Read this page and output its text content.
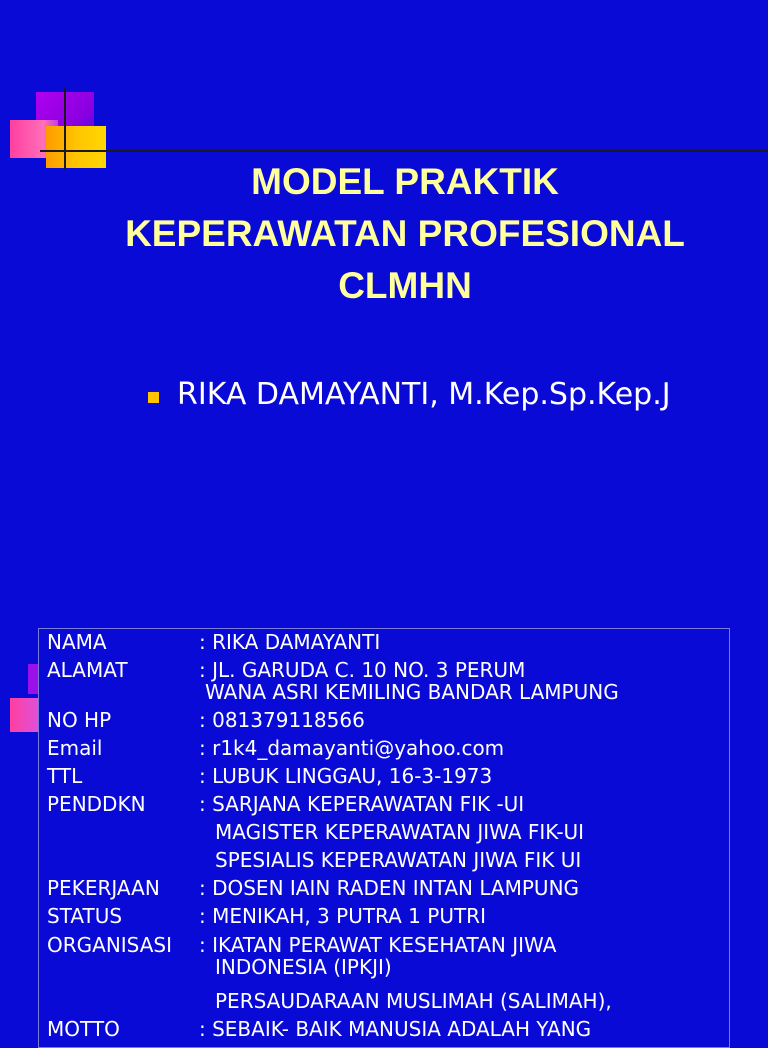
MODEL PRAKTIK
KEPERAWATAN PROFESIONAL
CLMHN
RIKA DAMAYANTI, M.Kep.Sp.Kep.J
NAMA	: RIKA DAMAYANTI
ALAMAT	: JL. GARUDA C. 10 NO. 3 PERUM
WANA ASRI KEMILING BANDAR LAMPUNG
NO HP	: 081379118566
Email	: r1k4_damayanti@yahoo.com
TTL	: LUBUK LINGGAU, 16-3-1973
PENDDKN	: SARJANA KEPERAWATAN FIK -UI
MAGISTER KEPERAWATAN JIWA FIK-UI
SPESIALIS KEPERAWATAN JIWA FIK UI
PEKERJAAN : DOSEN IAIN RADEN INTAN LAMPUNG
STATUS	: MENIKAH, 3 PUTRA 1 PUTRI
ORGANISASI : IKATAN PERAWAT KESEHATAN JIWA
INDONESIA (IPKJI)
PERSAUDARAAN MUSLIMAH (SALIMAH),
MOTTO	: SEBAIK- BAIK MANUSIA ADALAH YANG
